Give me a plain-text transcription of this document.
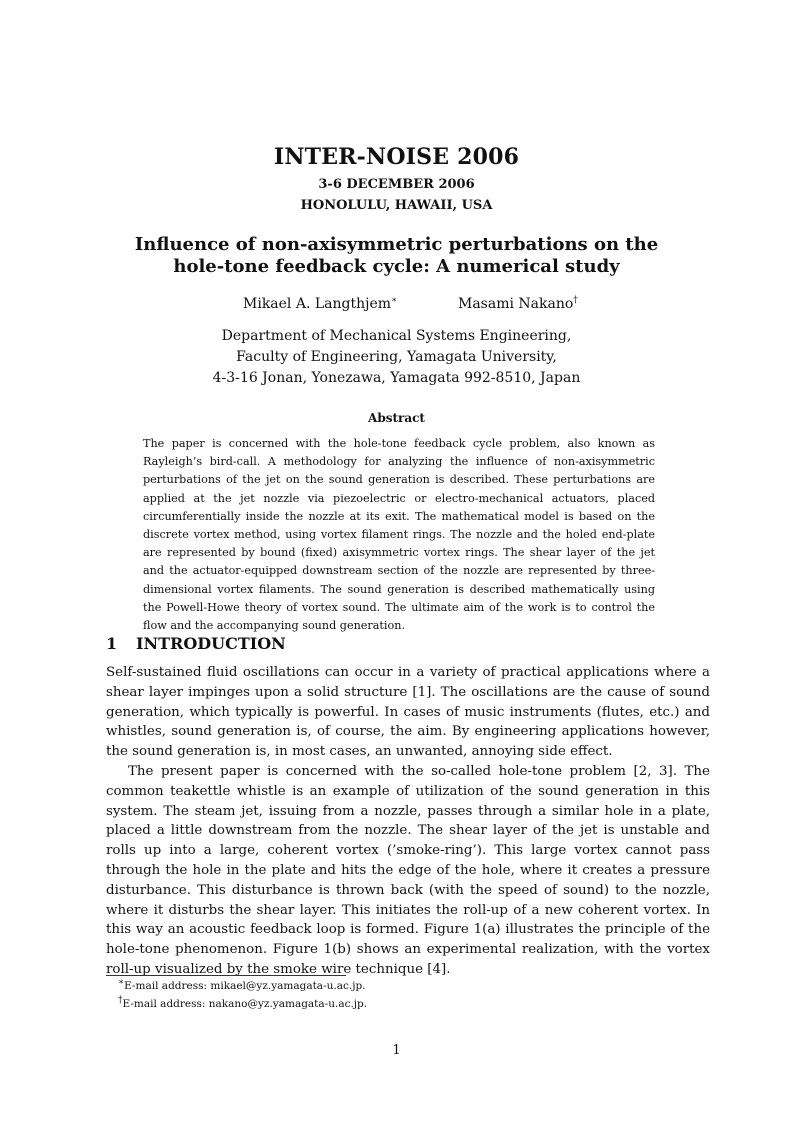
INTER-NOISE 2006
3-6 DECEMBER 2006
HONOLULU, HAWAII, USA
Influence of non-axisymmetric perturbations on the
hole-tone feedback cycle: A numerical study
Mikael A. Langthjem∗	Masami Nakano†
Department of Mechanical Systems Engineering,
Faculty of Engineering, Yamagata University,
4-3-16 Jonan, Yonezawa, Yamagata 992-8510, Japan
Abstract
The paper is concerned with the hole-tone feedback cycle problem, also known as Rayleigh’s bird-call. A methodology for analyzing the influence of non-axisymmetric perturbations of the jet on the sound generation is described. These perturbations are applied at the jet nozzle via piezoelectric or electro-mechanical actuators, placed circumferentially inside the nozzle at its exit. The mathematical model is based on the discrete vortex method, using vortex filament rings. The nozzle and the holed end-plate are represented by bound (fixed) axisymmetric vortex rings. The shear layer of the jet and the actuator-equipped downstream section of the nozzle are represented by three-dimensional vortex filaments. The sound generation is described mathematically using the Powell-Howe theory of vortex sound. The ultimate aim of the work is to control the flow and the accompanying sound generation.
1 INTRODUCTION

Self-sustained fluid oscillations can occur in a variety of practical applications where a shear layer impinges upon a solid structure [1]. The oscillations are the cause of sound generation, which typically is powerful. In cases of music instruments (flutes, etc.) and whistles, sound generation is, of course, the aim. By engineering applications however, the sound generation is, in most cases, an unwanted, annoying side effect.

The present paper is concerned with the so-called hole-tone problem [2, 3]. The common teakettle whistle is an example of utilization of the sound generation in this system. The steam jet, issuing from a nozzle, passes through a similar hole in a plate, placed a little downstream from the nozzle. The shear layer of the jet is unstable and rolls up into a large, coherent vortex (’smoke-ring’). This large vortex cannot pass through the hole in the plate and hits the edge of the hole, where it creates a pressure disturbance. This disturbance is thrown back (with the speed of sound) to the nozzle, where it disturbs the shear layer. This initiates the roll-up of a new coherent vortex. In this way an acoustic feedback loop is formed. Figure 1(a) illustrates the principle of the hole-tone phenomenon. Figure 1(b) shows an experimental realization, with the vortex roll-up visualized by the smoke wire technique [4].

∗E-mail address: mikael@yz.yamagata-u.ac.jp.
†E-mail address: nakano@yz.yamagata-u.ac.jp.
1
